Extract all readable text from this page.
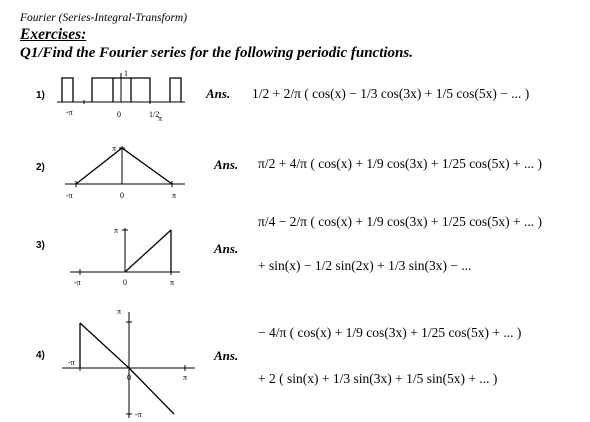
Fourier (Series-Integral-Transform)
Exercises:
Q1/Find the Fourier series for the following periodic functions.
1)
2)
3)
4)
Ans.
Ans.
Ans.
Ans.
-π	0	1/2
π
1
-π	0	π
π
-π	0	π
π
-π
0	π
π
-π
1/2 + 2/π ( cos(x) − 1/3 cos(3x) + 1/5 cos(5x) − ... )
π/2 + 4/π ( cos(x) + 1/9 cos(3x) + 1/25 cos(5x) + ... )
π/4 − 2/π ( cos(x) + 1/9 cos(3x) + 1/25 cos(5x) + ... )
+ sin(x) − 1/2 sin(2x) + 1/3 sin(3x) − ...
− 4/π ( cos(x) + 1/9 cos(3x) + 1/25 cos(5x) + ... )
+ 2 ( sin(x) + 1/3 sin(3x) + 1/5 sin(5x) + ... )
